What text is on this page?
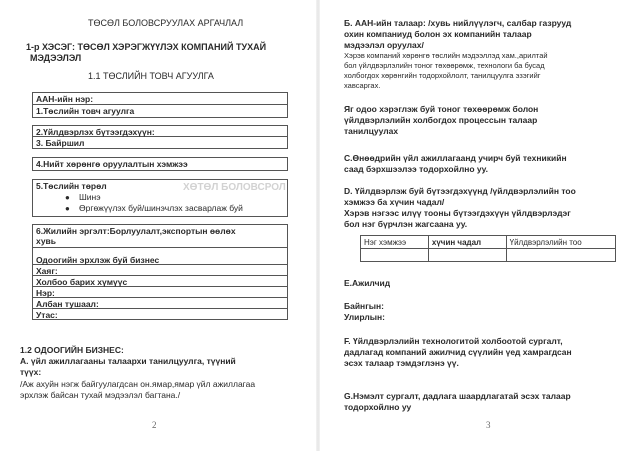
ТӨСӨЛ БОЛОВСРУУЛАХ АРГАЧЛАЛ
1-р ХЭСЭГ: ТӨСӨЛ ХЭРЭГЖҮҮЛЭХ КОМПАНИЙ ТУХАЙ
МЭДЭЭЛЭЛ
1.1 ТӨСЛИЙН ТОВЧ АГУУЛГА
ААН-ийн нэр:
1.Төслийн товч агуулга
2.Үйлдвэрлэх бүтээгдэхүүн:
3. Байршил
4.Нийт хөрөнгө оруулалтын хэмжээ
5.Төслийн төрөл
● Шинэ
● Өргөжүүлэх буй/шинэчлэх засварлаж буй
ХӨТӨЛ БОЛОВСРОЛ
6.Жилийн эргэлт:Борлуулалт,экспортын өөлөх
хувь
Одоогийн эрхлэж буй бизнес
Хаяг:
Холбоо барих хүмүүс
Нэр:
Албан тушаал:
Утас:
1.2 ОДООГИЙН БИЗНЕС:
А. үйл ажиллагааны талаархи танилцуулга, түүний
түүх:
/Аж ахуйн нэгж байгуулагдсан он.ямар,ямар үйл ажиллагаа
эрхлэж байсан тухай мэдээлэл багтана./
2
Б. ААН-ийн талаар: /хувь нийлүүлэгч, салбар газрууд
охин компаниуд болон эх компанийн талаар
мэдээлэл оруулах/
Хэрэв компаний хөрөнгө төслийн мэдээллэд хам.,арилтай
бол үйлдвэрлэлийн тоног төхөөрөмж, технологи ба бусад
холбогдох хөрөнгийн тодорхойлолт, танилцуулга эзэгийг
хавсаргах.
Яг одоо хэрэглэж буй тоног төхөөрөмж болон
үйлдвэрлэлийн холбогдох процессын талаар
танилцуулах
С.Өнөөдрийн үйл ажиллагаанд учирч буй техникийн
саад бэрхшээлээ тодорхойлно уу.
D. Үйлдвэрлэж буй бүтээгдэхүүнд /үйлдвэрлэлийн тоо
хэмжээ ба хүчин чадал/
Хэрэв нэгээс илүү тооны бүтээгдэхүүн үйлдвэрлэдэг
бол нэг бүрчлэн жагсаана уу.
Нэг хэмжээ	хүчин чадал	Үйлдвэрлэлийн тоо

Е.Ажилчид
Байнгын:
Улирлын:
F. Үйлдвэрлэлийн технологитой холбоотой сургалт,
дадлагад компаний ажилчид сүүлийн үед хамрагдсан
эсэх талаар тэмдэглэнэ үү.
G.Нэмэлт сургалт, дадлага шаардлагатай эсэх талаар
тодорхойлно уу
3
